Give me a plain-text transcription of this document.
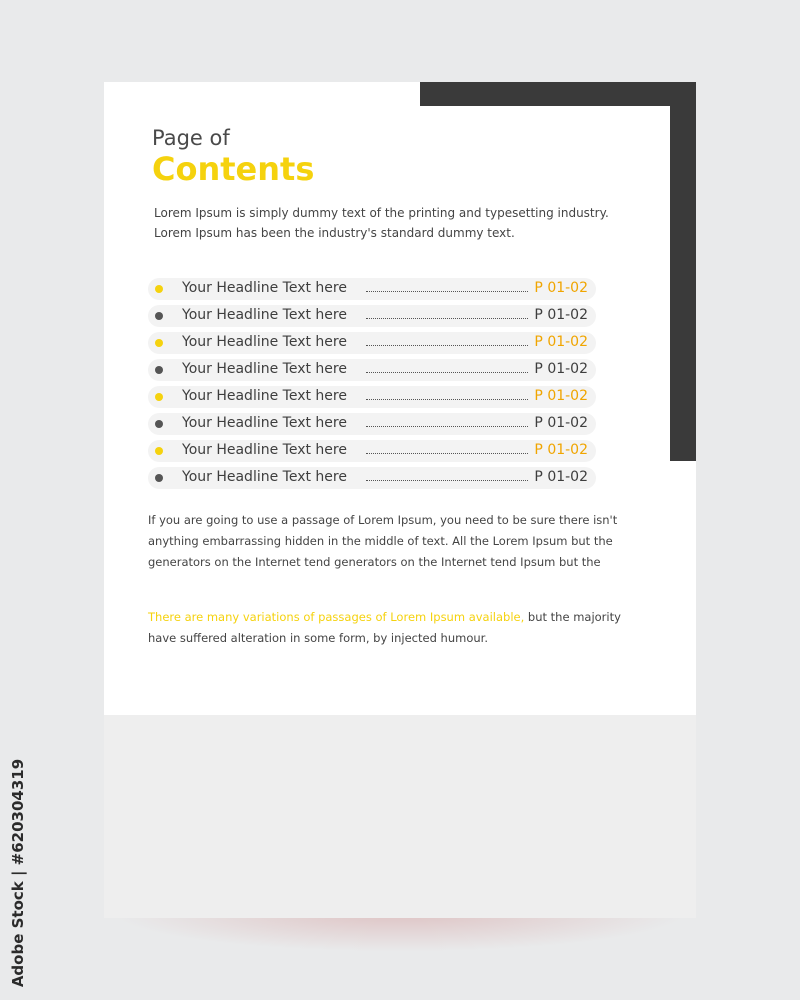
Page of
Contents
Lorem Ipsum is simply dummy text of the printing and typesetting industry. Lorem Ipsum has been the industry's standard dummy text.
Your Headline Text here	P 01-02
Your Headline Text here	P 01-02
Your Headline Text here	P 01-02
Your Headline Text here	P 01-02
Your Headline Text here	P 01-02
Your Headline Text here	P 01-02
Your Headline Text here	P 01-02
Your Headline Text here	P 01-02
If you are going to use a passage of Lorem Ipsum, you need to be sure there isn't anything embarrassing hidden in the middle of text. All the Lorem Ipsum but the generators on the Internet tend generators on the Internet tend Ipsum but the
There are many variations of passages of Lorem Ipsum available, but the majority have suffered alteration in some form, by injected humour.
Adobe Stock | #620304319
